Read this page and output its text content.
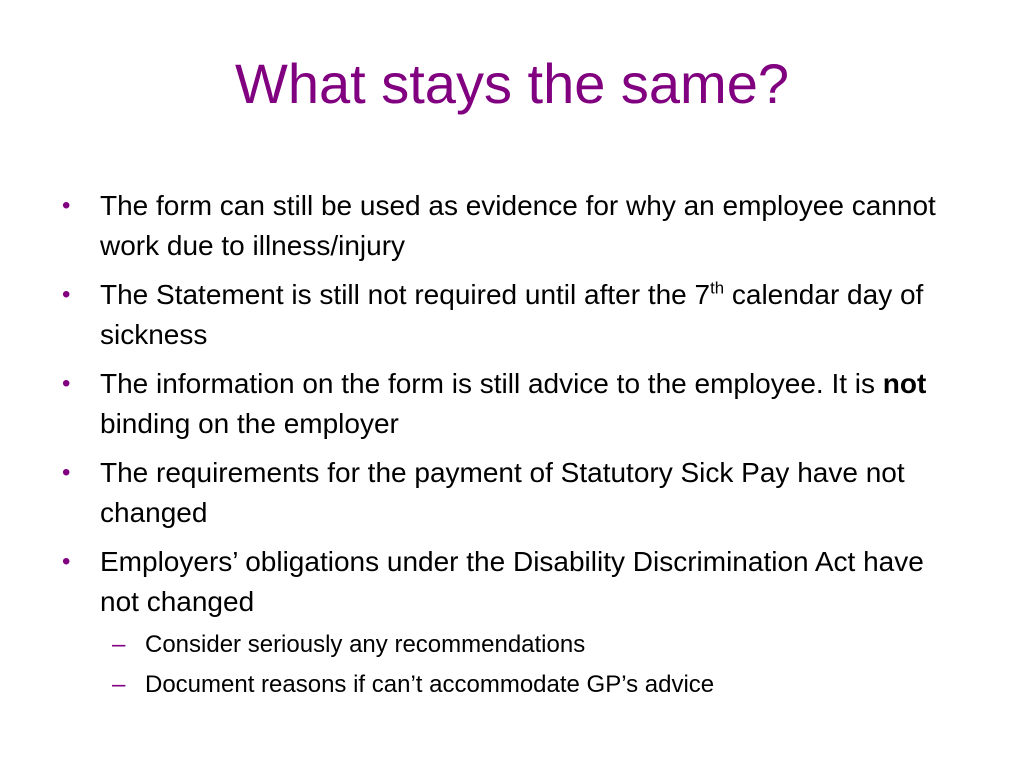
What stays the same?
• The form can still be used as evidence for why an employee cannot work due to illness/injury
• The Statement is still not required until after the 7th calendar day of sickness
• The information on the form is still advice to the employee. It is not binding on the employer
• The requirements for the payment of Statutory Sick Pay have not changed
• Employers’ obligations under the Disability Discrimination Act have not changed
– Consider seriously any recommendations
– Document reasons if can’t accommodate GP’s advice
